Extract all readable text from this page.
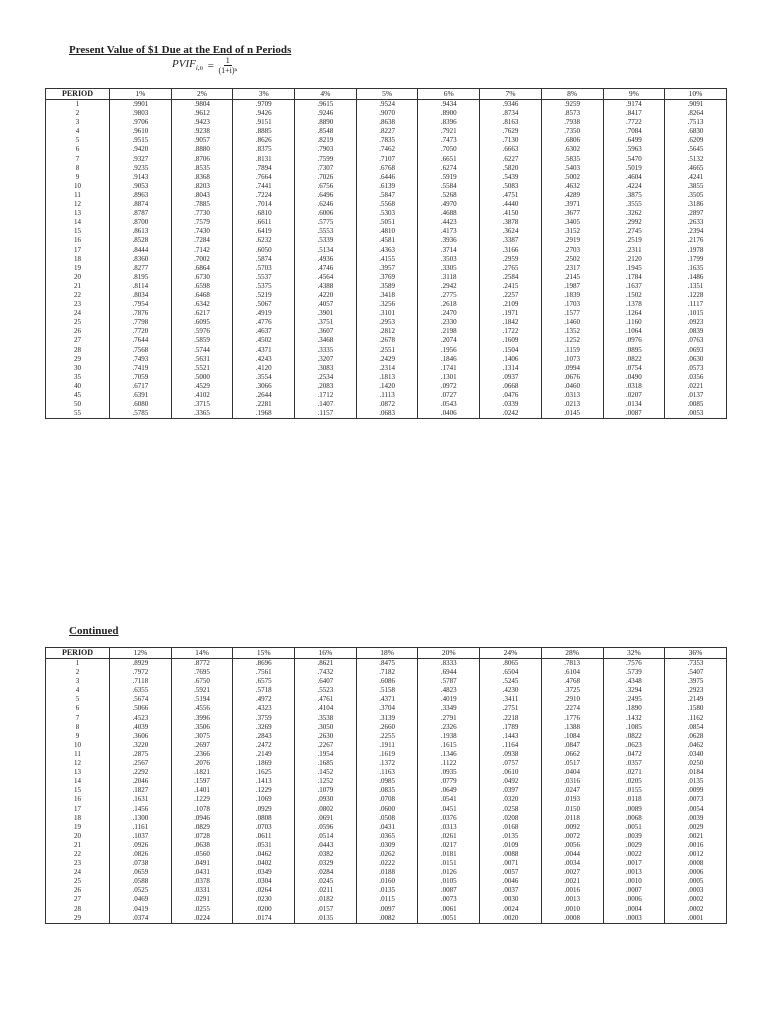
Present Value of $1 Due at the End of n Periods
$PVIF_{i,n} = \frac{1}{\text{(1+i)ⁿ}}$
PERIOD	1%	2%	3%	4%	5%	6%	7%	8%	9%	10%
1	.9901	.9804	.9709	.9615	.9524	.9434	.9346	.9259	.9174	.9091
2	.9803	.9612	.9426	.9246	.9070	.8900	.8734	.8573	.8417	.8264
3	.9706	.9423	.9151	.8890	.8638	.8396	.8163	.7938	.7722	.7513
4	.9610	.9238	.8885	.8548	.8227	.7921	.7629	.7350	.7084	.6830
5	.9515	.9057	.8626	.8219	.7835	.7473	.7130	.6806	.6499	.6209
6	.9420	.8880	.8375	.7903	.7462	.7050	.6663	.6302	.5963	.5645
7	.9327	.8706	.8131	.7599	.7107	.6651	.6227	.5835	.5470	.5132
8	.9235	.8535	.7894	.7307	.6768	.6274	.5820	.5403	.5019	.4665
9	.9143	.8368	.7664	.7026	.6446	.5919	.5439	.5002	.4604	.4241
10	.9053	.8203	.7441	.6756	.6139	.5584	.5083	.4632	.4224	.3855
11	.8963	.8043	.7224	.6496	.5847	.5268	.4751	.4289	.3875	.3505
12	.8874	.7885	.7014	.6246	.5568	.4970	.4440	.3971	.3555	.3186
13	.8787	.7730	.6810	.6006	.5303	.4688	.4150	.3677	.3262	.2897
14	.8700	.7579	.6611	.5775	.5051	.4423	.3878	.3405	.2992	.2633
15	.8613	.7430	.6419	.5553	.4810	.4173	.3624	.3152	.2745	.2394
16	.8528	.7284	.6232	.5339	.4581	.3936	.3387	.2919	.2519	.2176
17	.8444	.7142	.6050	.5134	.4363	.3714	.3166	.2703	.2311	.1978
18	.8360	.7002	.5874	.4936	.4155	.3503	.2959	.2502	.2120	.1799
19	.8277	.6864	.5703	.4746	.3957	.3305	.2765	.2317	.1945	.1635
20	.8195	.6730	.5537	.4564	.3769	.3118	.2584	.2145	.1784	.1486
21	.8114	.6598	.5375	.4388	.3589	.2942	.2415	.1987	.1637	.1351
22	.8034	.6468	.5219	.4220	.3418	.2775	.2257	.1839	.1502	.1228
23	.7954	.6342	.5067	.4057	.3256	.2618	.2109	.1703	.1378	.1117
24	.7876	.6217	.4919	.3901	.3101	.2470	.1971	.1577	.1264	.1015
25	.7798	.6095	.4776	.3751	.2953	.2330	.1842	.1460	.1160	.0923
26	.7720	.5976	.4637	.3607	.2812	.2198	.1722	.1352	.1064	.0839
27	.7644	.5859	.4502	.3468	.2678	.2074	.1609	.1252	.0976	.0763
28	.7568	.5744	.4371	.3335	.2551	.1956	.1504	.1159	.0895	.0693
29	.7493	.5631	.4243	.3207	.2429	.1846	.1406	.1073	.0822	.0630
30	.7419	.5521	.4120	.3083	.2314	.1741	.1314	.0994	.0754	.0573
35	.7059	.5000	.3554	.2534	.1813	.1301	.0937	.0676	.0490	.0356
40	.6717	.4529	.3066	.2083	.1420	.0972	.0668	.0460	.0318	.0221
45	.6391	.4102	.2644	.1712	.1113	.0727	.0476	.0313	.0207	.0137
50	.6080	.3715	.2281	.1407	.0872	.0543	.0339	.0213	.0134	.0085
55	.5785	.3365	.1968	.1157	.0683	.0406	.0242	.0145	.0087	.0053
Continued
PERIOD	12%	14%	15%	16%	18%	20%	24%	28%	32%	36%
1	.8929	.8772	.8696	.8621	.8475	.8333	.8065	.7813	.7576	.7353
2	.7972	.7695	.7561	.7432	.7182	.6944	.6504	.6104	.5739	.5407
3	.7118	.6750	.6575	.6407	.6086	.5787	.5245	.4768	.4348	.3975
4	.6355	.5921	.5718	.5523	.5158	.4823	.4230	.3725	.3294	.2923
5	.5674	.5194	.4972	.4761	.4371	.4019	.3411	.2910	.2495	.2149
6	.5066	.4556	.4323	.4104	.3704	.3349	.2751	.2274	.1890	.1580
7	.4523	.3996	.3759	.3538	.3139	.2791	.2218	.1776	.1432	.1162
8	.4039	.3506	.3269	.3050	.2660	.2326	.1789	.1388	.1085	.0854
9	.3606	.3075	.2843	.2630	.2255	.1938	.1443	.1084	.0822	.0628
10	.3220	.2697	.2472	.2267	.1911	.1615	.1164	.0847	.0623	.0462
11	.2875	.2366	.2149	.1954	.1619	.1346	.0938	.0662	.0472	.0340
12	.2567	.2076	.1869	.1685	.1372	.1122	.0757	.0517	.0357	.0250
13	.2292	.1821	.1625	.1452	.1163	.0935	.0610	.0404	.0271	.0184
14	.2046	.1597	.1413	.1252	.0985	.0779	.0492	.0316	.0205	.0135
15	.1827	.1401	.1229	.1079	.0835	.0649	.0397	.0247	.0155	.0099
16	.1631	.1229	.1069	.0930	.0708	.0541	.0320	.0193	.0118	.0073
17	.1456	.1078	.0929	.0802	.0600	.0451	.0258	.0150	.0089	.0054
18	.1300	.0946	.0808	.0691	.0508	.0376	.0208	.0118	.0068	.0039
19	.1161	.0829	.0703	.0596	.0431	.0313	.0168	.0092	.0051	.0029
20	.1037	.0728	.0611	.0514	.0365	.0261	.0135	.0072	.0039	.0021
21	.0926	.0638	.0531	.0443	.0309	.0217	.0109	.0056	.0029	.0016
22	.0826	.0560	.0462	.0382	.0262	.0181	.0088	.0044	.0022	.0012
23	.0738	.0491	.0402	.0329	.0222	.0151	.0071	.0034	.0017	.0008
24	.0659	.0431	.0349	.0284	.0188	.0126	.0057	.0027	.0013	.0006
25	.0588	.0378	.0304	.0245	.0160	.0105	.0046	.0021	.0010	.0005
26	.0525	.0331	.0264	.0211	.0135	.0087	.0037	.0016	.0007	.0003
27	.0469	.0291	.0230	.0182	.0115	.0073	.0030	.0013	.0006	.0002
28	.0419	.0255	.0200	.0157	.0097	.0061	.0024	.0010	.0004	.0002
29	.0374	.0224	.0174	.0135	.0082	.0051	.0020	.0008	.0003	.0001
